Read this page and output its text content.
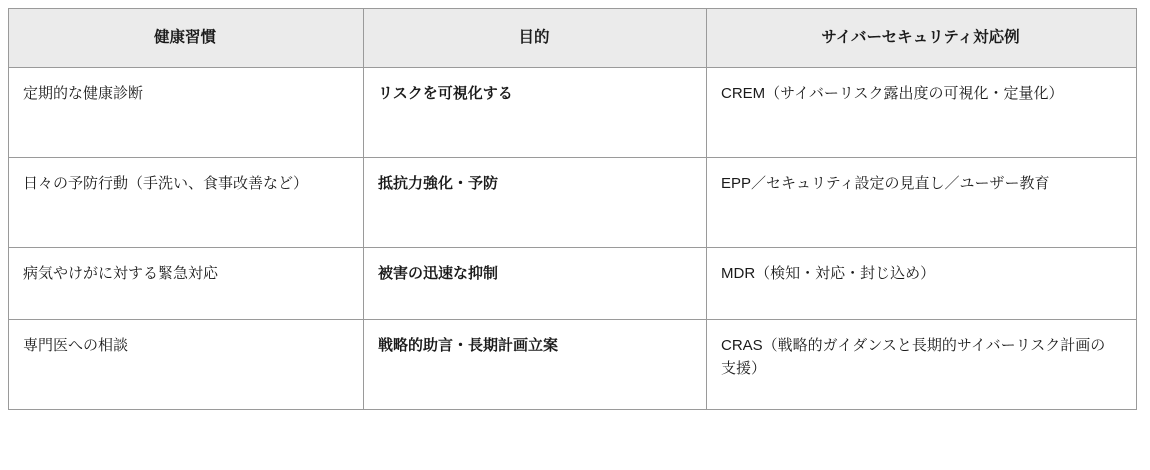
健康習慣	目的	サイバーセキュリティ対応例
定期的な健康診断	リスクを可視化する	CREM（サイバーリスク露出度の可視化・定量化）
日々の予防行動（手洗い、食事改善など）	抵抗力強化・予防	EPP／セキュリティ設定の見直し／ユーザー教育
病気やけがに対する緊急対応	被害の迅速な抑制	MDR（検知・対応・封じ込め）
専門医への相談	戦略的助言・長期計画立案	CRAS（戦略的ガイダンスと長期的サイバーリスク計画の支援）
